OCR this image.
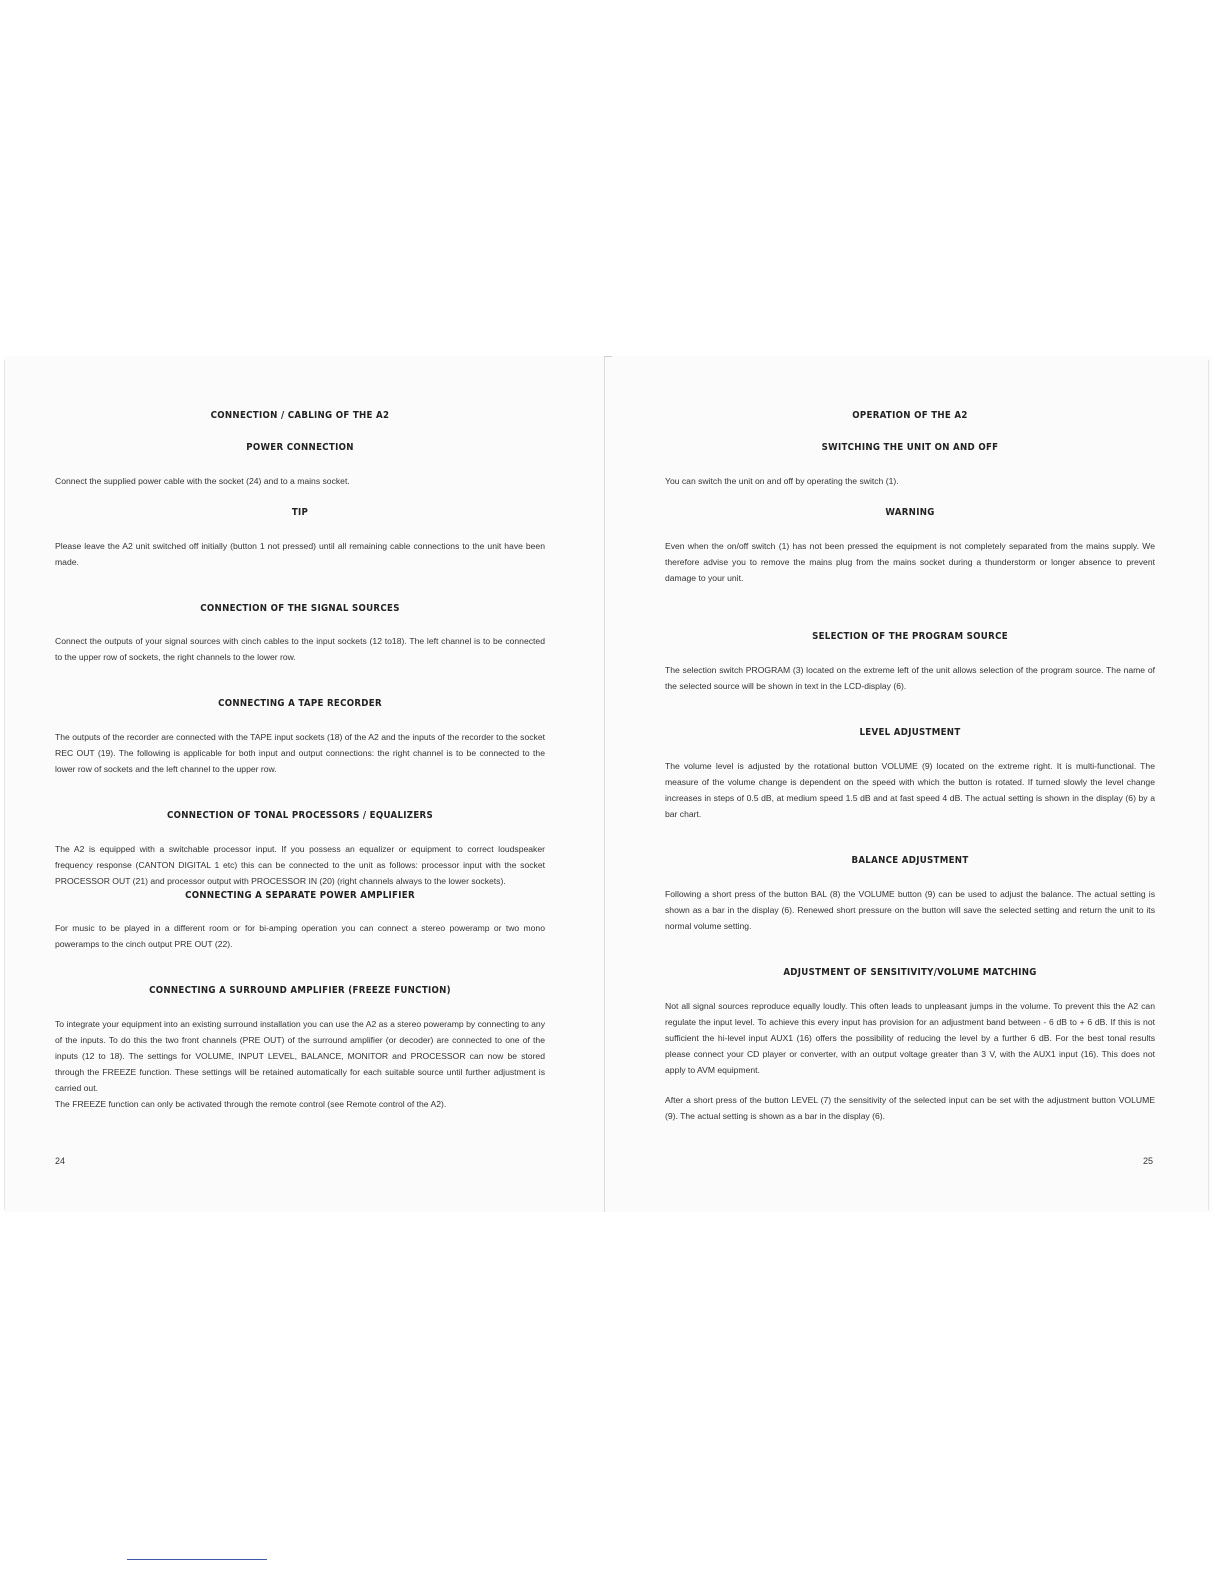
CONNECTION / CABLING OF THE A2

POWER CONNECTION

Connect the supplied power cable with the socket (24) and to a mains socket.

TIP

Please leave the A2 unit switched off initially (button 1 not pressed) until all remaining cable connections to the unit have been made.

CONNECTION OF THE SIGNAL SOURCES

Connect the outputs of your signal sources with cinch cables to the input sockets (12 to18). The left channel is to be connected to the upper row of sockets, the right channels to the lower row.

CONNECTING A TAPE RECORDER

The outputs of the recorder are connected with the TAPE input sockets (18) of the A2 and the inputs of the recorder to the socket REC OUT (19). The following is applicable for both input and output connections: the right channel is to be connected to the lower row of sockets and the left channel to the upper row.

CONNECTION OF TONAL PROCESSORS / EQUALIZERS

The A2 is equipped with a switchable processor input. If you possess an equalizer or equipment to correct loudspeaker frequency response (CANTON DIGITAL 1 etc) this can be connected to the unit as follows: processor input with the socket PROCESSOR OUT (21) and processor output with PROCESSOR IN (20) (right channels always to the lower sockets).

CONNECTING A SEPARATE POWER AMPLIFIER

For music to be played in a different room or for bi-amping operation you can connect a stereo poweramp or two mono poweramps to the cinch output PRE OUT (22).

CONNECTING A SURROUND AMPLIFIER (FREEZE FUNCTION)

To integrate your equipment into an existing surround installation you can use the A2 as a stereo poweramp by connecting to any of the inputs. To do this the two front channels (PRE OUT) of the surround amplifier (or decoder) are connected to one of the inputs (12 to 18). The settings for VOLUME, INPUT LEVEL, BALANCE, MONITOR and PROCESSOR can now be stored through the FREEZE function. These settings will be retained automatically for each suitable source until further adjustment is carried out.

The FREEZE function can only be activated through the remote control (see Remote control of the A2).

24

OPERATION OF THE A2

SWITCHING THE UNIT ON AND OFF

You can switch the unit on and off by operating the switch (1).

WARNING

Even when the on/off switch (1) has not been pressed the equipment is not completely separated from the mains supply. We therefore advise you to remove the mains plug from the mains socket during a thunderstorm or longer absence to prevent damage to your unit.

SELECTION OF THE PROGRAM SOURCE

The selection switch PROGRAM (3) located on the extreme left of the unit allows selection of the program source. The name of the selected source will be shown in text in the LCD-display (6).

LEVEL ADJUSTMENT

The volume level is adjusted by the rotational button VOLUME (9) located on the extreme right. It is multi-functional. The measure of the volume change is dependent on the speed with which the button is rotated. If turned slowly the level change increases in steps of 0.5 dB, at medium speed 1.5 dB and at fast speed 4 dB. The actual setting is shown in the display (6) by a bar chart.

BALANCE ADJUSTMENT

Following a short press of the button BAL (8) the VOLUME button (9) can be used to adjust the balance. The actual setting is shown as a bar in the display (6). Renewed short pressure on the button will save the selected setting and return the unit to its normal volume setting.

ADJUSTMENT OF SENSITIVITY/VOLUME MATCHING

Not all signal sources reproduce equally loudly. This often leads to unpleasant jumps in the volume. To prevent this the A2 can regulate the input level. To achieve this every input has provision for an adjustment band between - 6 dB to + 6 dB. If this is not sufficient the hi-level input AUX1 (16) offers the possibility of reducing the level by a further 6 dB. For the best tonal results please connect your CD player or converter, with an output voltage greater than 3 V, with the AUX1 input (16). This does not apply to AVM equipment.

After a short press of the button LEVEL (7) the sensitivity of the selected input can be set with the adjustment button VOLUME (9). The actual setting is shown as a bar in the display (6).

25
